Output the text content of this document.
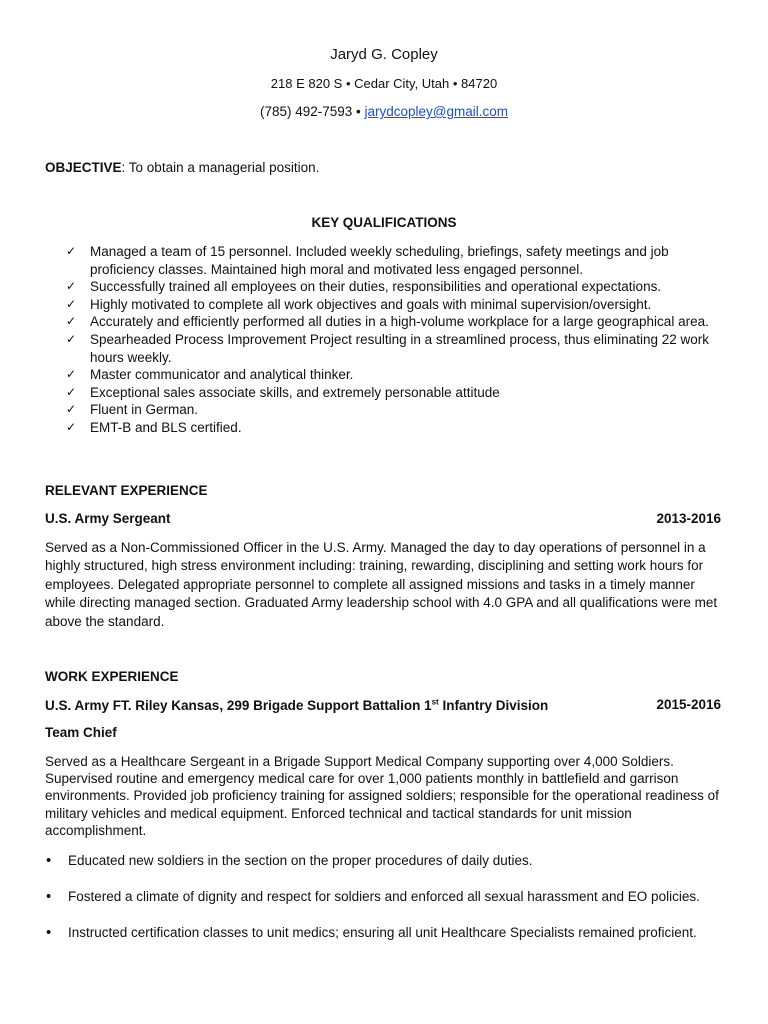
Jaryd G. Copley
218 E 820 S • Cedar City, Utah • 84720
(785) 492-7593 • jarydcopley@gmail.com
OBJECTIVE: To obtain a managerial position.
KEY QUALIFICATIONS
✓ Managed a team of 15 personnel. Included weekly scheduling, briefings, safety meetings and job proficiency classes. Maintained high moral and motivated less engaged personnel.
✓ Successfully trained all employees on their duties, responsibilities and operational expectations.
✓ Highly motivated to complete all work objectives and goals with minimal supervision/oversight.
✓ Accurately and efficiently performed all duties in a high-volume workplace for a large geographical area.
✓ Spearheaded Process Improvement Project resulting in a streamlined process, thus eliminating 22 work hours weekly.
✓ Master communicator and analytical thinker.
✓ Exceptional sales associate skills, and extremely personable attitude
✓ Fluent in German.
✓ EMT-B and BLS certified.
RELEVANT EXPERIENCE
U.S. Army Sergeant	2013-2016

Served as a Non-Commissioned Officer in the U.S. Army. Managed the day to day operations of personnel in a highly structured, high stress environment including: training, rewarding, disciplining and setting work hours for employees. Delegated appropriate personnel to complete all assigned missions and tasks in a timely manner while directing managed section. Graduated Army leadership school with 4.0 GPA and all qualifications were met above the standard.

WORK EXPERIENCE
U.S. Army FT. Riley Kansas, 299 Brigade Support Battalion 1st Infantry Division	2015-2016
Team Chief

Served as a Healthcare Sergeant in a Brigade Support Medical Company supporting over 4,000 Soldiers. Supervised routine and emergency medical care for over 1,000 patients monthly in battlefield and garrison environments. Provided job proficiency training for assigned soldiers; responsible for the operational readiness of military vehicles and medical equipment. Enforced technical and tactical standards for unit mission accomplishment.

• Educated new soldiers in the section on the proper procedures of daily duties.
• Fostered a climate of dignity and respect for soldiers and enforced all sexual harassment and EO policies.
• Instructed certification classes to unit medics; ensuring all unit Healthcare Specialists remained proficient.
